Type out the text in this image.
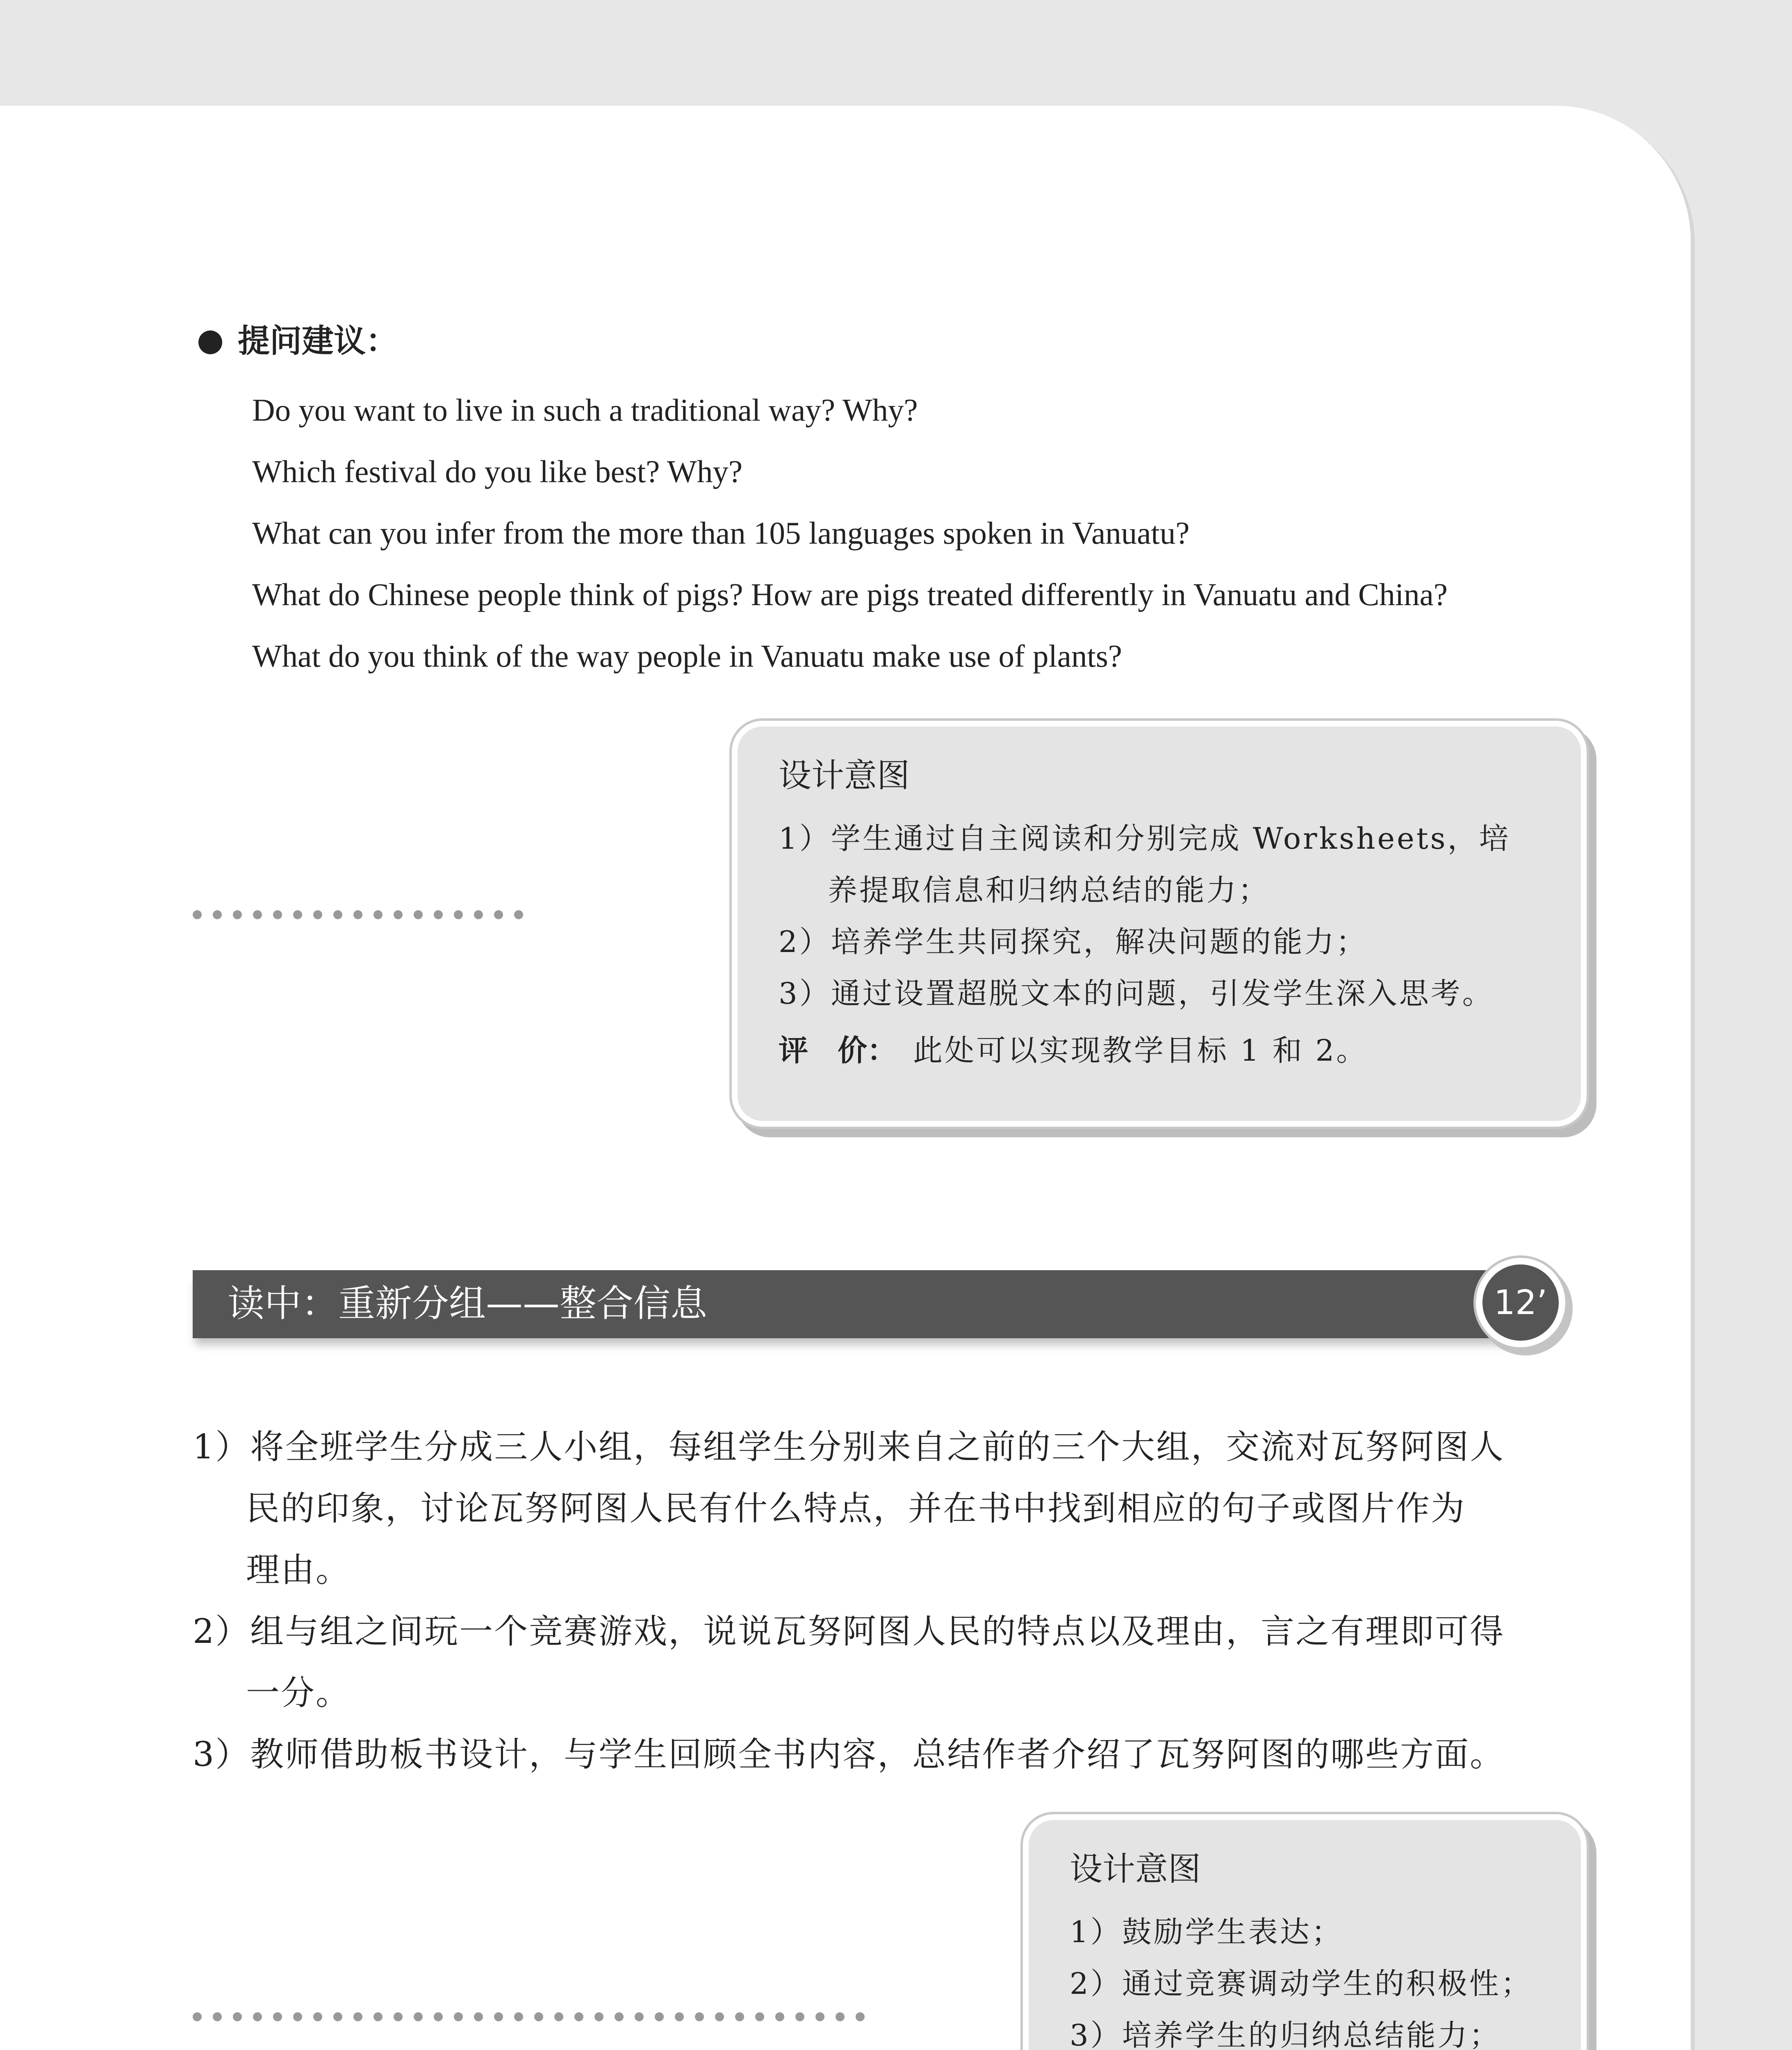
提问建议：
Do you want to live in such a traditional way? Why?
Which festival do you like best? Why?
What can you infer from the more than 105 languages spoken in Vanuatu?
What do Chinese people think of pigs? How are pigs treated differently in Vanuatu and China?
What do you think of the way people in Vanuatu make use of plants?
设计意图
1）学生通过自主阅读和分别完成 Worksheets，培
养提取信息和归纳总结的能力；
2）培养学生共同探究，解决问题的能力；
3）通过设置超脱文本的问题，引发学生深入思考。
评　价： 此处可以实现教学目标 1 和 2。
读中：重新分组——整合信息	12’
1）将全班学生分成三人小组，每组学生分别来自之前的三个大组，交流对瓦努阿图人
民的印象，讨论瓦努阿图人民有什么特点，并在书中找到相应的句子或图片作为
理由。
2）组与组之间玩一个竞赛游戏，说说瓦努阿图人民的特点以及理由，言之有理即可得
一分。
3）教师借助板书设计，与学生回顾全书内容，总结作者介绍了瓦努阿图的哪些方面。
设计意图
1）鼓励学生表达；
2）通过竞赛调动学生的积极性；
3）培养学生的归纳总结能力；
